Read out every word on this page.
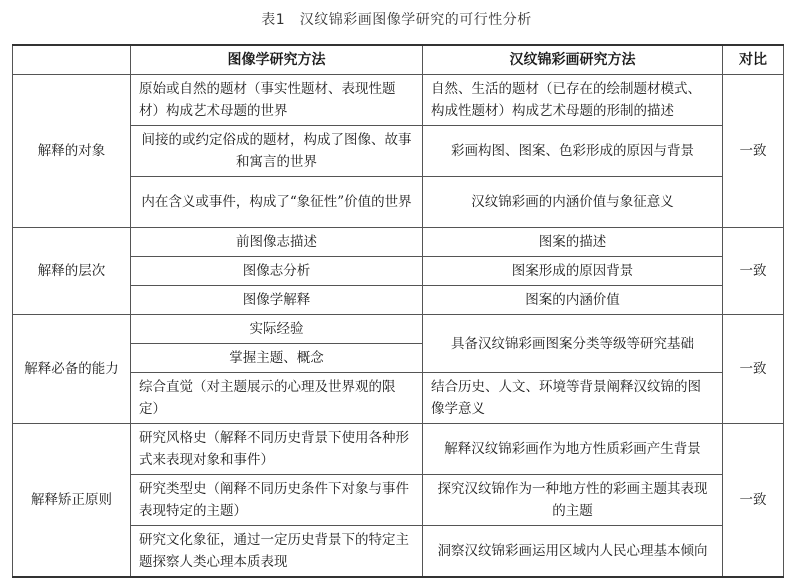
表1　汉纹锦彩画图像学研究的可行性分析
	图像学研究方法	汉纹锦彩画研究方法	对比
解释的对象	原始或自然的题材（事实性题材、表现性题材）构成艺术母题的世界	自然、生活的题材（已存在的绘制题材模式、构成性题材）构成艺术母题的形制的描述	一致
	间接的或约定俗成的题材，构成了图像、故事和寓言的世界	彩画构图、图案、色彩形成的原因与背景	
	内在含义或事件，构成了“象征性”价值的世界	汉纹锦彩画的内涵价值与象征意义	
解释的层次	前图像志描述	图案的描述	一致
	图像志分析	图案形成的原因背景	
	图像学解释	图案的内涵价值	
解释必备的能力	实际经验	具备汉纹锦彩画图案分类等级等研究基础	一致
	掌握主题、概念		
	综合直觉（对主题展示的心理及世界观的限定）	结合历史、人文、环境等背景阐释汉纹锦的图像学意义	
解释矫正原则	研究风格史（解释不同历史背景下使用各种形式来表现对象和事件）	解释汉纹锦彩画作为地方性质彩画产生背景	一致
	研究类型史（阐释不同历史条件下对象与事件表现特定的主题）	探究汉纹锦作为一种地方性的彩画主题其表现的主题	
	研究文化象征，通过一定历史背景下的特定主题探察人类心理本质表现	洞察汉纹锦彩画运用区域内人民心理基本倾向	
